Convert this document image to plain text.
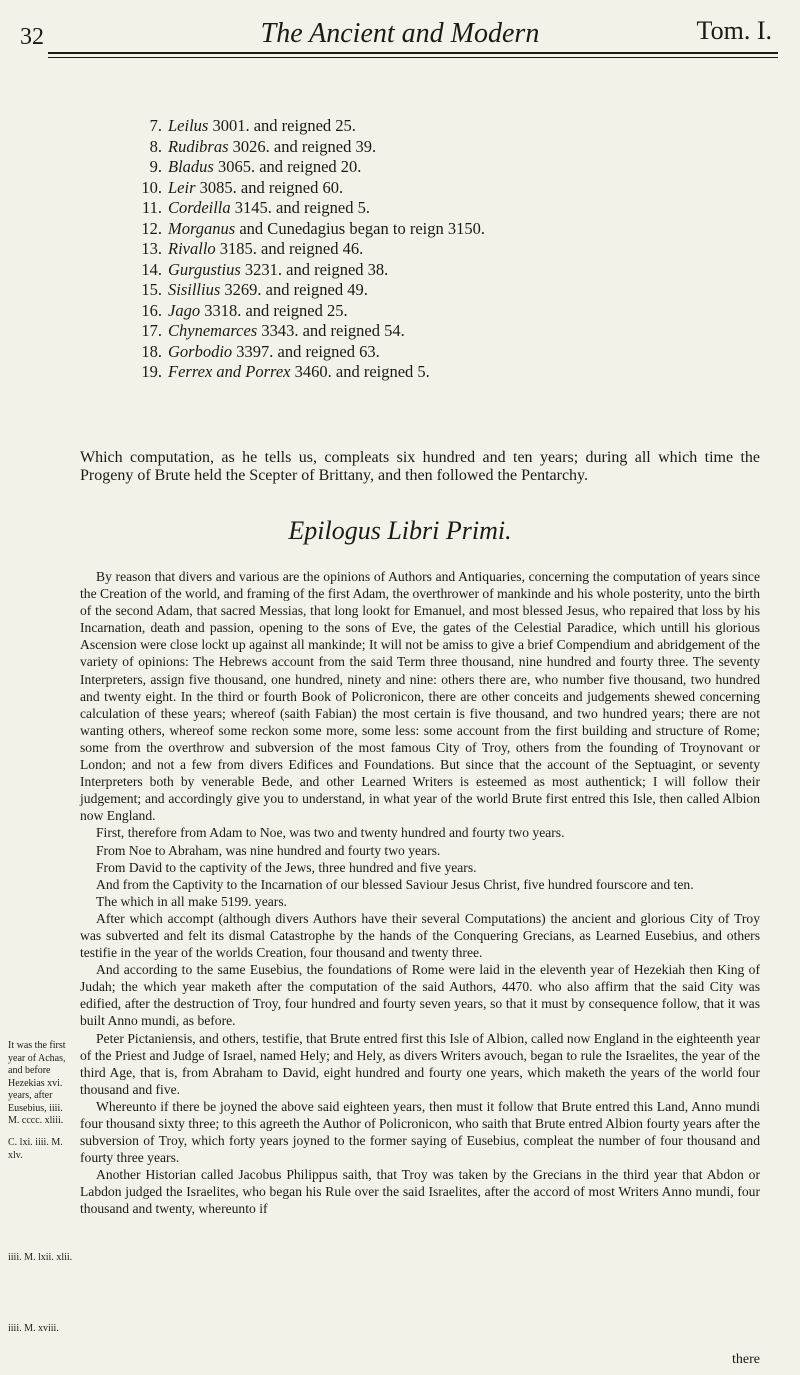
32	The Ancient and Modern	Tom. I.
7. Leilus 3001. and reigned 25.
8. Rudibras 3026. and reigned 39.
9. Bladus 3065. and reigned 20.
10. Leir 3085. and reigned 60.
11. Cordeilla 3145. and reigned 5.
12. Morganus and Cunedagius began to reign 3150.
13. Rivallo 3185. and reigned 46.
14. Gurgustius 3231. and reigned 38.
15. Sisillius 3269. and reigned 49.
16. Jago 3318. and reigned 25.
17. Chynemarces 3343. and reigned 54.
18. Gorbodio 3397. and reigned 63.
19. Ferrex and Porrex 3460. and reigned 5.
Which computation, as he tells us, compleats six hundred and ten years; during all which time the Progeny of Brute held the Scepter of Brittany, and then followed the Pentarchy.
Epilogus Libri Primi.

By reason that divers and various are the opinions of Authors and Antiquaries, concerning the computation of years since the Creation of the world, and framing of the first Adam, the overthrower of mankinde and his whole posterity, unto the birth of the second Adam, that sacred Messias, that long lookt for Emanuel, and most blessed Jesus, who repaired that loss by his Incarnation, death and passion, opening to the sons of Eve, the gates of the Celestial Paradice, which untill his glorious Ascension were close lockt up against all mankinde; It will not be amiss to give a brief Compendium and abridgement of the variety of opinions: The Hebrews account from the said Term three thousand, nine hundred and fourty three. The seventy Interpreters, assign five thousand, one hundred, ninety and nine: others there are, who number five thousand, two hundred and twenty eight. In the third or fourth Book of Policronicon, there are other conceits and judgements shewed concerning calculation of these years; whereof (saith Fabian) the most certain is five thousand, and two hundred years; there are not wanting others, whereof some reckon some more, some less: some account from the first building and structure of Rome; some from the overthrow and subversion of the most famous City of Troy, others from the founding of Troynovant or London; and not a few from divers Edifices and Foundations. But since that the account of the Septuagint, or seventy Interpreters both by venerable Bede, and other Learned Writers is esteemed as most authentick; I will follow their judgement; and accordingly give you to understand, in what year of the world Brute first entred this Isle, then called Albion now England.

First, therefore from Adam to Noe, was two and twenty hundred and fourty two years.

From Noe to Abraham, was nine hundred and fourty two years.

From David to the captivity of the Jews, three hundred and five years.

And from the Captivity to the Incarnation of our blessed Saviour Jesus Christ, five hundred fourscore and ten.

The which in all make 5199. years.

After which accompt (although divers Authors have their several Computations) the ancient and glorious City of Troy was subverted and felt its dismal Catastrophe by the hands of the Conquering Grecians, as Learned Eusebius, and others testifie in the year of the worlds Creation, four thousand and twenty three.

And according to the same Eusebius, the foundations of Rome were laid in the eleventh year of Hezekiah then King of Judah; the which year maketh after the computation of the said Authors, 4470. who also affirm that the said City was edified, after the destruction of Troy, four hundred and fourty seven years, so that it must by consequence follow, that it was built Anno mundi, as before.

Peter Pictaniensis, and others, testifie, that Brute entred first this Isle of Albion, called now England in the eighteenth year of the Priest and Judge of Israel, named Hely; and Hely, as divers Writers avouch, began to rule the Israelites, the year of the third Age, that is, from Abraham to David, eight hundred and fourty one years, which maketh the years of the world four thousand and five.

Whereunto if there be joyned the above said eighteen years, then must it follow that Brute entred this Land, Anno mundi four thousand sixty three; to this agreeth the Author of Policronicon, who saith that Brute entred Albion fourty years after the subversion of Troy, which forty years joyned to the former saying of Eusebius, compleat the number of four thousand and fourty three years.

Another Historian called Jacobus Philippus saith, that Troy was taken by the Grecians in the third year that Abdon or Labdon judged the Israelites, who began his Rule over the said Israelites, after the accord of most Writers Anno mundi, four thousand and twenty, whereunto if

It was the first year of Achas, and before Hezekias xvi. years, after Eusebius, iiii. M. cccc. xliii.
C. lxi. iiii. M. xlv.
iiii. M. lxii. xlii.
iiii. M. xviii.
there
